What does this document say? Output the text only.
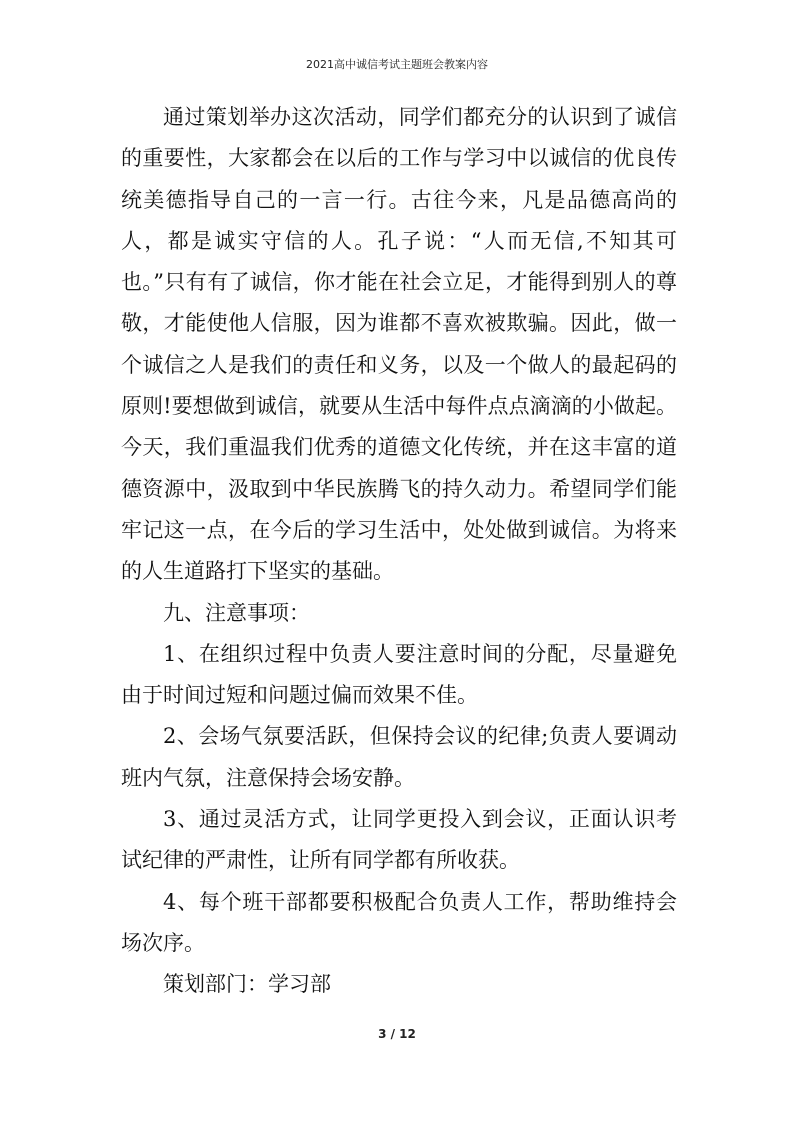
2021高中诚信考试主题班会教案内容

通过策划举办这次活动，同学们都充分的认识到了诚信的重要性，大家都会在以后的工作与学习中以诚信的优良传统美德指导自己的一言一行。古往今来，凡是品德高尚的人，都是诚实守信的人。孔子说：“人而无信,不知其可也。”只有有了诚信，你才能在社会立足，才能得到别人的尊敬，才能使他人信服，因为谁都不喜欢被欺骗。因此，做一个诚信之人是我们的责任和义务，以及一个做人的最起码的原则!要想做到诚信，就要从生活中每件点点滴滴的小做起。今天，我们重温我们优秀的道德文化传统，并在这丰富的道德资源中，汲取到中华民族腾飞的持久动力。希望同学们能牢记这一点，在今后的学习生活中，处处做到诚信。为将来的人生道路打下坚实的基础。

九、注意事项：

1、在组织过程中负责人要注意时间的分配，尽量避免由于时间过短和问题过偏而效果不佳。

2、会场气氛要活跃，但保持会议的纪律;负责人要调动班内气氛，注意保持会场安静。

3、通过灵活方式，让同学更投入到会议，正面认识考试纪律的严肃性，让所有同学都有所收获。

4、每个班干部都要积极配合负责人工作，帮助维持会场次序。

策划部门：学习部

3 / 12
